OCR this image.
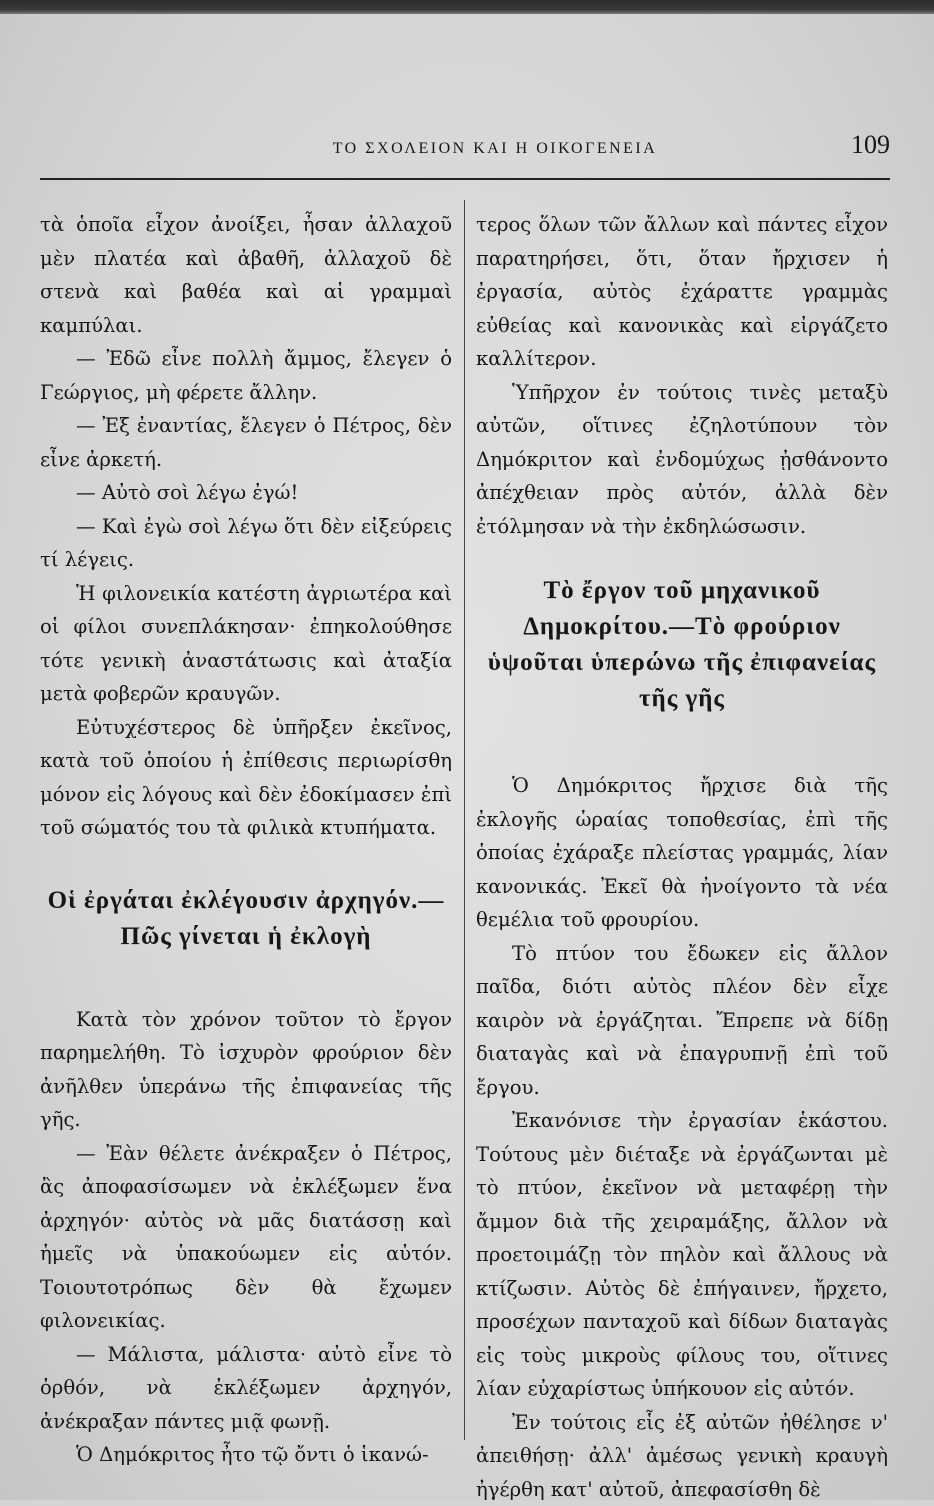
ΤΟ ΣΧΟΛΕΙΟΝ ΚΑΙ Η ΟΙΚΟΓΕΝΕΙΑ	109

τὰ ὁποῖα εἶχον ἀνοίξει, ἦσαν ἀλλαχοῦ μὲν πλατέα καὶ ἀβαθῆ, ἀλλαχοῦ δὲ στενὰ καὶ βαθέα καὶ αἱ γραμμαὶ καμπύλαι.

— Ἐδῶ εἶνε πολλὴ ἄμμος, ἔλεγεν ὁ Γεώργιος, μὴ φέρετε ἄλλην.

— Ἐξ ἐναντίας, ἔλεγεν ὁ Πέτρος, δὲν εἶνε ἀρκετή.

— Αὐτὸ σοὶ λέγω ἐγώ!

— Καὶ ἐγὼ σοὶ λέγω ὅτι δὲν εἰξεύρεις τί λέγεις.

Ἡ φιλονεικία κατέστη ἀγριωτέρα καὶ οἱ φίλοι συνεπλάκησαν· ἐπηκολούθησε τότε γενικὴ ἀναστάτωσις καὶ ἀταξία μετὰ φοβερῶν κραυγῶν.

Εὐτυχέστερος δὲ ὑπῆρξεν ἐκεῖνος, κατὰ τοῦ ὁποίου ἡ ἐπίθεσις περιωρίσθη μόνον εἰς λόγους καὶ δὲν ἐδοκίμασεν ἐπὶ τοῦ σώματός του τὰ φιλικὰ κτυπήματα.

Οἱ ἐργάται ἐκλέγουσιν ἀρχηγόν.—Πῶς γίνεται ἡ ἐκλογὴ

Κατὰ τὸν χρόνον τοῦτον τὸ ἔργον παρημελήθη. Τὸ ἰσχυρὸν φρούριον δὲν ἀνῆλθεν ὑπεράνω τῆς ἐπιφανείας τῆς γῆς.

— Ἐὰν θέλετε ἀνέκραξεν ὁ Πέτρος, ἂς ἀποφασίσωμεν νὰ ἐκλέξωμεν ἕνα ἀρχηγόν· αὐτὸς νὰ μᾶς διατάσσῃ καὶ ἡμεῖς νὰ ὑπακούωμεν εἰς αὐτόν. Τοιουτοτρόπως δὲν θὰ ἔχωμεν φιλονεικίας.

— Μάλιστα, μάλιστα· αὐτὸ εἶνε τὸ ὀρθόν, νὰ ἐκλέξωμεν ἀρχηγόν, ἀνέκραξαν πάντες μιᾷ φωνῇ.

Ὁ Δημόκριτος ἦτο τῷ ὄντι ὁ ἱκανώ-

τερος ὅλων τῶν ἄλλων καὶ πάντες εἶχον παρατηρήσει, ὅτι, ὅταν ἤρχισεν ἡ ἐργασία, αὐτὸς ἐχάραττε γραμμὰς εὐθείας καὶ κανονικὰς καὶ εἰργάζετο καλλίτερον.

Ὑπῆρχον ἐν τούτοις τινὲς μεταξὺ αὐτῶν, οἵτινες ἐζηλοτύπουν τὸν Δημόκριτον καὶ ἐνδομύχως ᾐσθάνοντο ἀπέχθειαν πρὸς αὐτόν, ἀλλὰ δὲν ἐτόλμησαν νὰ τὴν ἐκδηλώσωσιν.

Τὸ ἔργον τοῦ μηχανικοῦ Δημοκρίτου.—Τὸ φρούριον ὑψοῦται ὑπερώνω τῆς ἐπιφανείας τῆς γῆς

Ὁ Δημόκριτος ἤρχισε διὰ τῆς ἐκλογῆς ὡραίας τοποθεσίας, ἐπὶ τῆς ὁποίας ἐχάραξε πλείστας γραμμάς, λίαν κανονικάς. Ἐκεῖ θὰ ἠνοίγοντο τὰ νέα θεμέλια τοῦ φρουρίου.

Τὸ πτύον του ἔδωκεν εἰς ἄλλον παῖδα, διότι αὐτὸς πλέον δὲν εἶχε καιρὸν νὰ ἐργάζηται. Ἔπρεπε νὰ δίδῃ διαταγὰς καὶ νὰ ἐπαγρυπνῇ ἐπὶ τοῦ ἔργου.

Ἐκανόνισε τὴν ἐργασίαν ἑκάστου. Τούτους μὲν διέταξε νὰ ἐργάζωνται μὲ τὸ πτύον, ἐκεῖνον νὰ μεταφέρῃ τὴν ἄμμον διὰ τῆς χειραμάξης, ἄλλον νὰ προετοιμάζῃ τὸν πηλὸν καὶ ἄλλους νὰ κτίζωσιν. Αὐτὸς δὲ ἐπήγαινεν, ἤρχετο, προσέχων πανταχοῦ καὶ δίδων διαταγὰς εἰς τοὺς μικροὺς φίλους του, οἵτινες λίαν εὐχαρίστως ὑπήκουον εἰς αὐτόν.

Ἐν τούτοις εἷς ἐξ αὐτῶν ἠθέλησε ν' ἀπειθήσῃ· ἀλλ' ἀμέσως γενικὴ κραυγὴ ἠγέρθη κατ' αὐτοῦ, ἀπεφασίσθη δὲ
